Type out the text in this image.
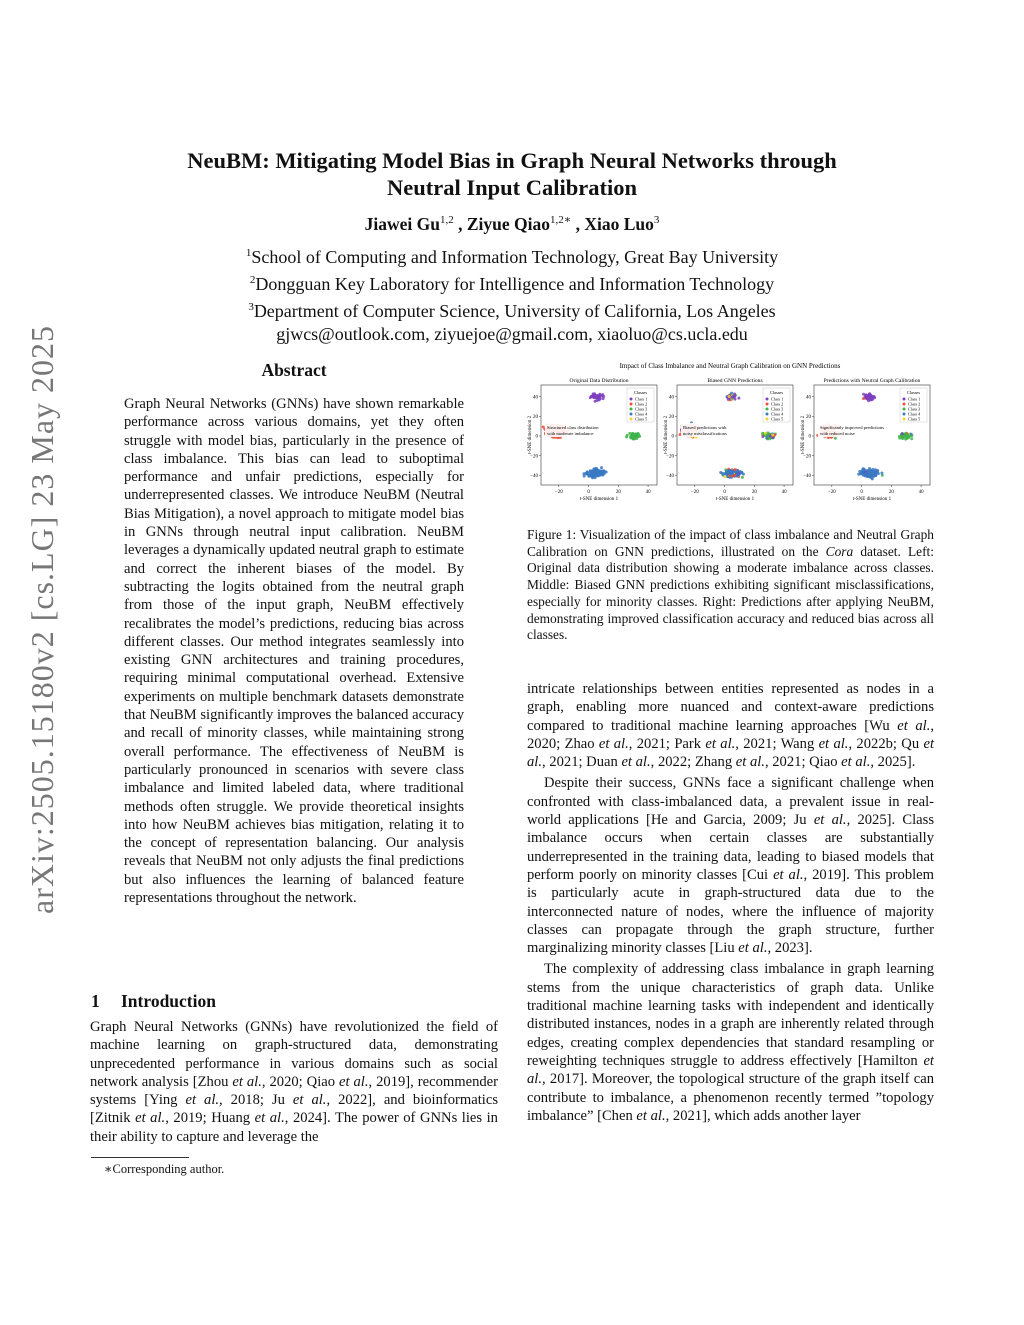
arXiv:2505.15180v2 [cs.LG] 23 May 2025
NeuBM: Mitigating Model Bias in Graph Neural Networks through
Neutral Input Calibration
Jiawei Gu$^{1,2}$ , Ziyue Qiao$^{1,2∗}$ , Xiao Luo$^3$
$^1$School of Computing and Information Technology, Great Bay University
$^2$Dongguan Key Laboratory for Intelligence and Information Technology
$^3$Department of Computer Science, University of California, Los Angeles
gjwcs@outlook.com, ziyuejoe@gmail.com, xiaoluo@cs.ucla.edu
Abstract

Graph Neural Networks (GNNs) have shown remarkable performance across various domains, yet they often struggle with model bias, particularly in the presence of class imbalance. This bias can lead to suboptimal performance and unfair predictions, especially for underrepresented classes. We introduce NeuBM (Neutral Bias Mitigation), a novel approach to mitigate model bias in GNNs through neutral input calibration. NeuBM leverages a dynamically updated neutral graph to estimate and correct the inherent biases of the model. By subtracting the logits obtained from the neutral graph from those of the input graph, NeuBM effectively recalibrates the model’s predictions, reducing bias across different classes. Our method integrates seamlessly into existing GNN architectures and training procedures, requiring minimal computational overhead. Extensive experiments on multiple benchmark datasets demonstrate that NeuBM significantly improves the balanced accuracy and recall of minority classes, while maintaining strong overall performance. The effectiveness of NeuBM is particularly pronounced in scenarios with severe class imbalance and limited labeled data, where traditional methods often struggle. We provide theoretical insights into how NeuBM achieves bias mitigation, relating it to the concept of representation balancing. Our analysis reveals that NeuBM not only adjusts the final predictions but also influences the learning of balanced feature representations throughout the network.

1 Introduction

Graph Neural Networks (GNNs) have revolutionized the field of machine learning on graph-structured data, demonstrating unprecedented performance in various domains such as social network analysis [Zhou et al., 2020; Qiao et al., 2019], recommender systems [Ying et al., 2018; Ju et al., 2022], and bioinformatics [Zitnik et al., 2019; Huang et al., 2024]. The power of GNNs lies in their ability to capture and leverage the

∗Corresponding author.
Impact of Class Imbalance and Neutral Graph Calibration on GNN Predictions
Original Data Distribution
−20	0	20	40
40
20
0
−20
−40
t-SNE dimension 1
t-SNE dimension 2	Structured class distribution
with moderate imbalance
Classes
Class 1
Class 2
Class 3
Class 4
Class 5
Biased GNN Predictions
−20	0	20	40
40
20
0
−20
−40
t-SNE dimension 1
t-SNE dimension 2	Biased predictions with
noisy misclassifications
Classes
Class 1
Class 2
Class 3
Class 4
Class 5
Predictions with Neutral Graph Calibration
−20	0	20	40
40
20
0
−20
−40
t-SNE dimension 1
t-SNE dimension 2	Significantly improved predictions
with reduced noise
Classes
Class 1
Class 2
Class 3
Class 4
Class 5

Figure 1: Visualization of the impact of class imbalance and Neutral Graph Calibration on GNN predictions, illustrated on the Cora dataset. Left: Original data distribution showing a moderate imbalance across classes. Middle: Biased GNN predictions exhibiting significant misclassifications, especially for minority classes. Right: Predictions after applying NeuBM, demonstrating improved classification accuracy and reduced bias across all classes.

intricate relationships between entities represented as nodes in a graph, enabling more nuanced and context-aware predictions compared to traditional machine learning approaches [Wu et al., 2020; Zhao et al., 2021; Park et al., 2021; Wang et al., 2022b; Qu et al., 2021; Duan et al., 2022; Zhang et al., 2021; Qiao et al., 2025].

Despite their success, GNNs face a significant challenge when confronted with class-imbalanced data, a prevalent issue in real-world applications [He and Garcia, 2009; Ju et al., 2025]. Class imbalance occurs when certain classes are substantially underrepresented in the training data, leading to biased models that perform poorly on minority classes [Cui et al., 2019]. This problem is particularly acute in graph-structured data due to the interconnected nature of nodes, where the influence of majority classes can propagate through the graph structure, further marginalizing minority classes [Liu et al., 2023].

The complexity of addressing class imbalance in graph learning stems from the unique characteristics of graph data. Unlike traditional machine learning tasks with independent and identically distributed instances, nodes in a graph are inherently related through edges, creating complex dependencies that standard resampling or reweighting techniques struggle to address effectively [Hamilton et al., 2017]. Moreover, the topological structure of the graph itself can contribute to imbalance, a phenomenon recently termed ”topology imbalance” [Chen et al., 2021], which adds another layer
